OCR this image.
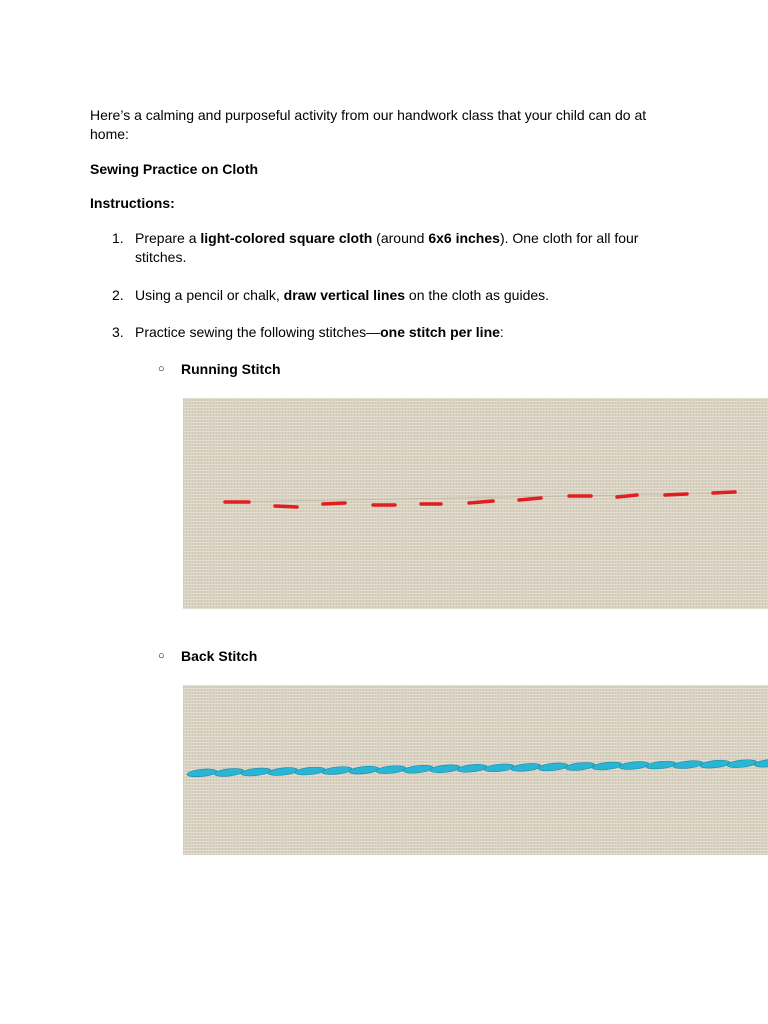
Here’s a calming and purposeful activity from our handwork class that your child can do at home:

Sewing Practice on Cloth

Instructions:

1. Prepare a light-colored square cloth (around 6x6 inches). One cloth for all four stitches.
2. Using a pencil or chalk, draw vertical lines on the cloth as guides.
3. Practice sewing the following stitches—one stitch per line:
○ Running Stitch
○ Back Stitch
